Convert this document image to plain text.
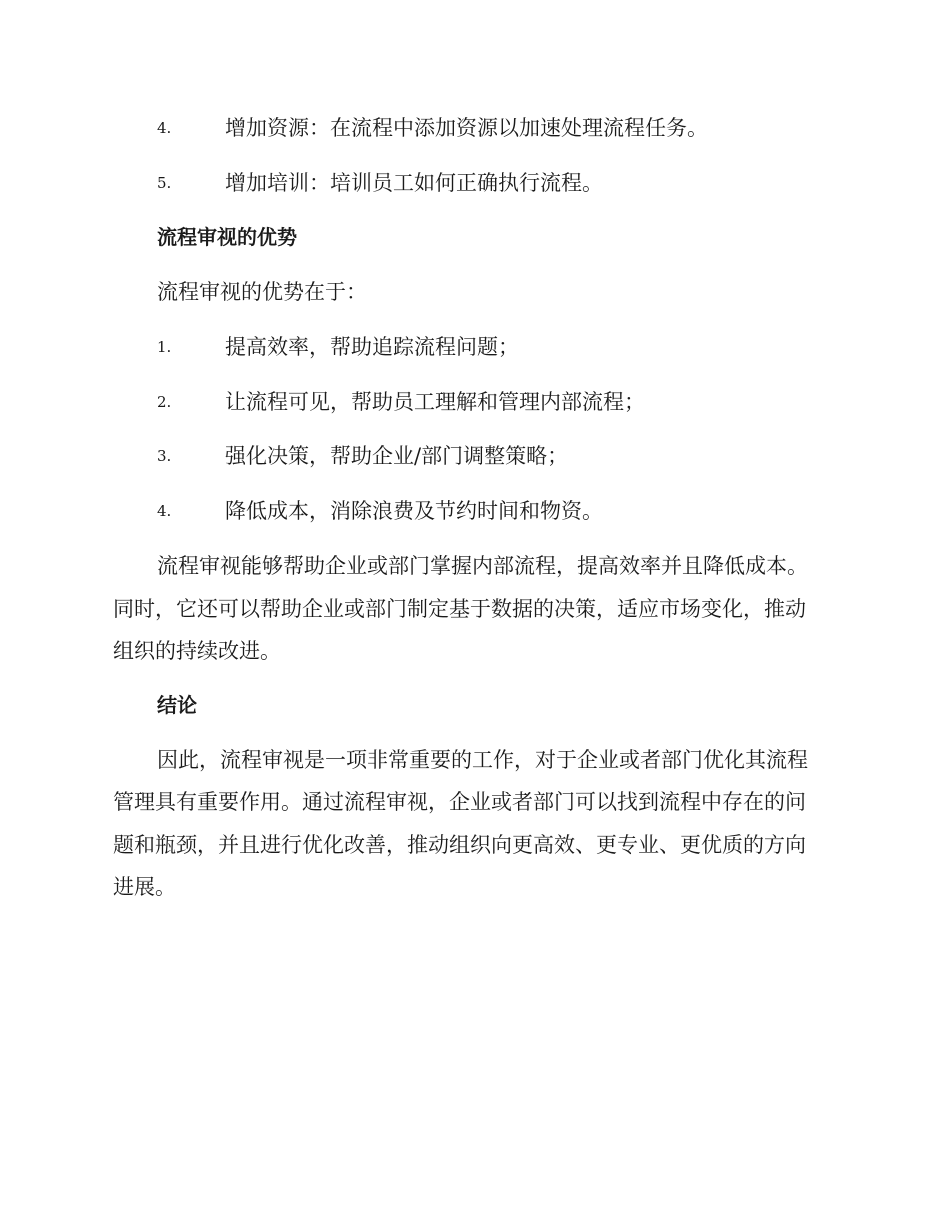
4.	增加资源：在流程中添加资源以加速处理流程任务。
5.	增加培训：培训员工如何正确执行流程。
流程审视的优势
流程审视的优势在于：
1.	提高效率，帮助追踪流程问题；
2.	让流程可见，帮助员工理解和管理内部流程；
3.	强化决策，帮助企业/部门调整策略；
4.	降低成本，消除浪费及节约时间和物资。
流程审视能够帮助企业或部门掌握内部流程，提高效率并且降低成本。
同时，它还可以帮助企业或部门制定基于数据的决策，适应市场变化，推动
组织的持续改进。
结论
因此，流程审视是一项非常重要的工作，对于企业或者部门优化其流程
管理具有重要作用。通过流程审视，企业或者部门可以找到流程中存在的问
题和瓶颈，并且进行优化改善，推动组织向更高效、更专业、更优质的方向
进展。
